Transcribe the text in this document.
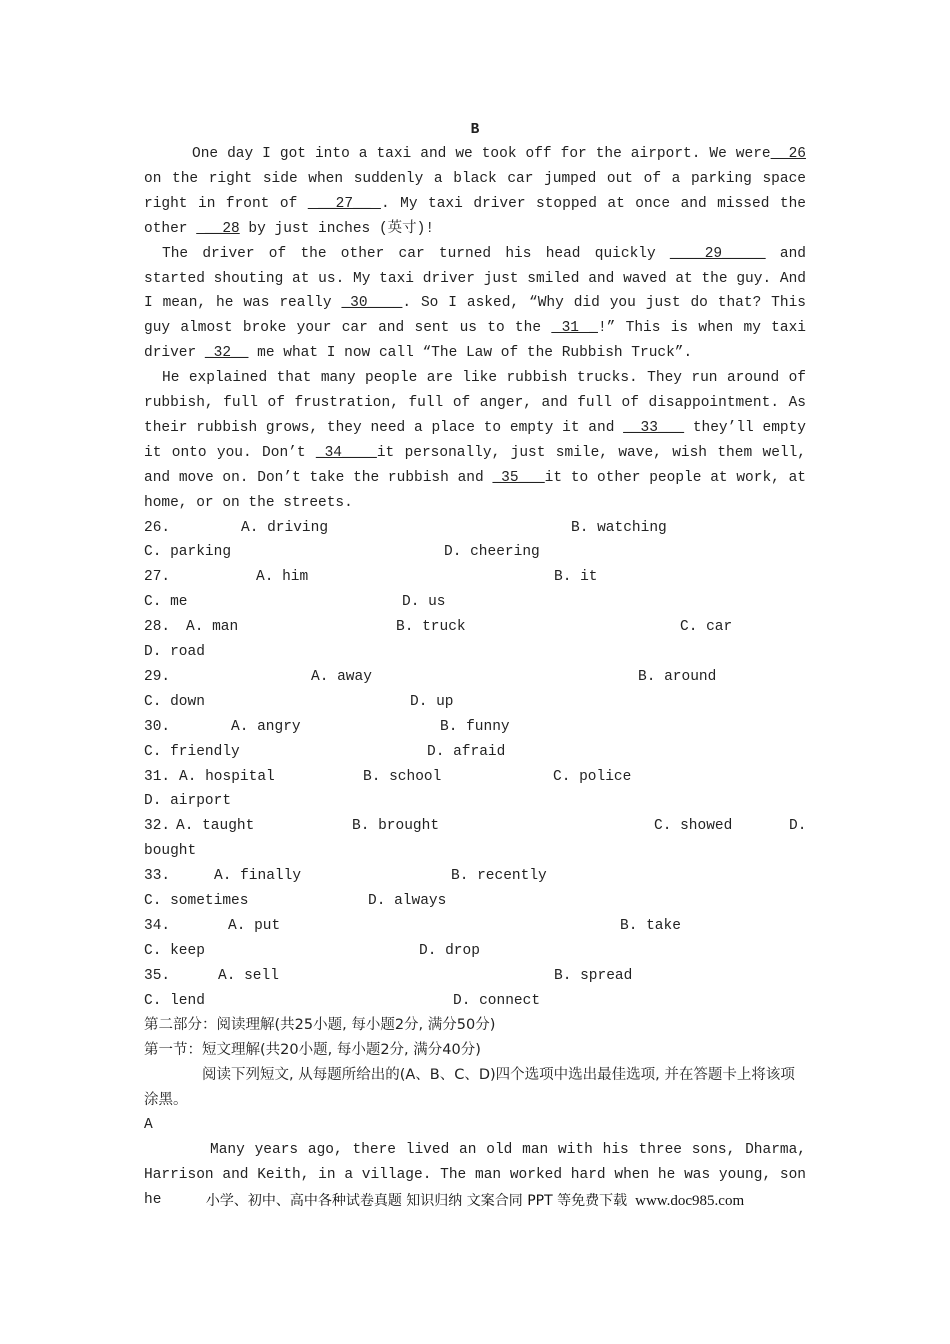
B

One day I got into a taxi and we took off for the airport. We were  26 on the right side when suddenly a black car jumped out of a parking space right in front of  __27__ . My taxi driver stopped at once and missed the other  __28 by just inches (英寸)!

The driver of the other car turned his head quickly ____29_____ and started shouting at us. My taxi driver just smiled and waved at the guy. And I mean, he was really _30____. So I asked, “Why did you just do that? This guy almost broke your car and sent us to the  31 _!” This is when my taxi driver _32__ me what I now call “The Law of the Rubbish Truck”.

He explained that many people are like rubbish trucks. They run around of rubbish, full of frustration, full of anger, and full of disappointment. As their rubbish grows, they need a place to empty it and __33___ they’ll empty it onto you. Don’t _34____it personally, just smile, wave, wish them well, and move on. Don’t take the rubbish and _35___it to other people at work, at home, or on the streets.

26.	A. driving	B. watching
C. parking	D. cheering
27.	A. him	B. it
C. me	D. us
28. A. man	B. truck	C. car
D. road
29.	A. away	B. around
C. down	D. up
30.	A. angry	B. funny
C. friendly	D. afraid
31. A. hospital	B. school	C. police
D. airport
32. A. taught	B. brought	C. showed	D.
bought
33.	A. finally	B. recently
C. sometimes	D. always
34.	A. put	B. take
C. keep	D. drop
35.	A. sell	B. spread
C. lend	D. connect

第二部分：阅读理解(共25小题, 每小题2分, 满分50分)

第一节：短文理解(共20小题, 每小题2分, 满分40分)

阅读下列短文, 从每题所给出的(A、B、C、D)四个选项中选出最佳选项, 并在答题卡上将该项涂黑。

A

Many years ago, there lived an old man with his three sons, Dharma, Harrison and Keith, in a village. The man worked hard when he was young, son he	小学、初中、高中各种试卷真题 知识归纳 文案合同 PPT 等免费下载 www.doc985.com
